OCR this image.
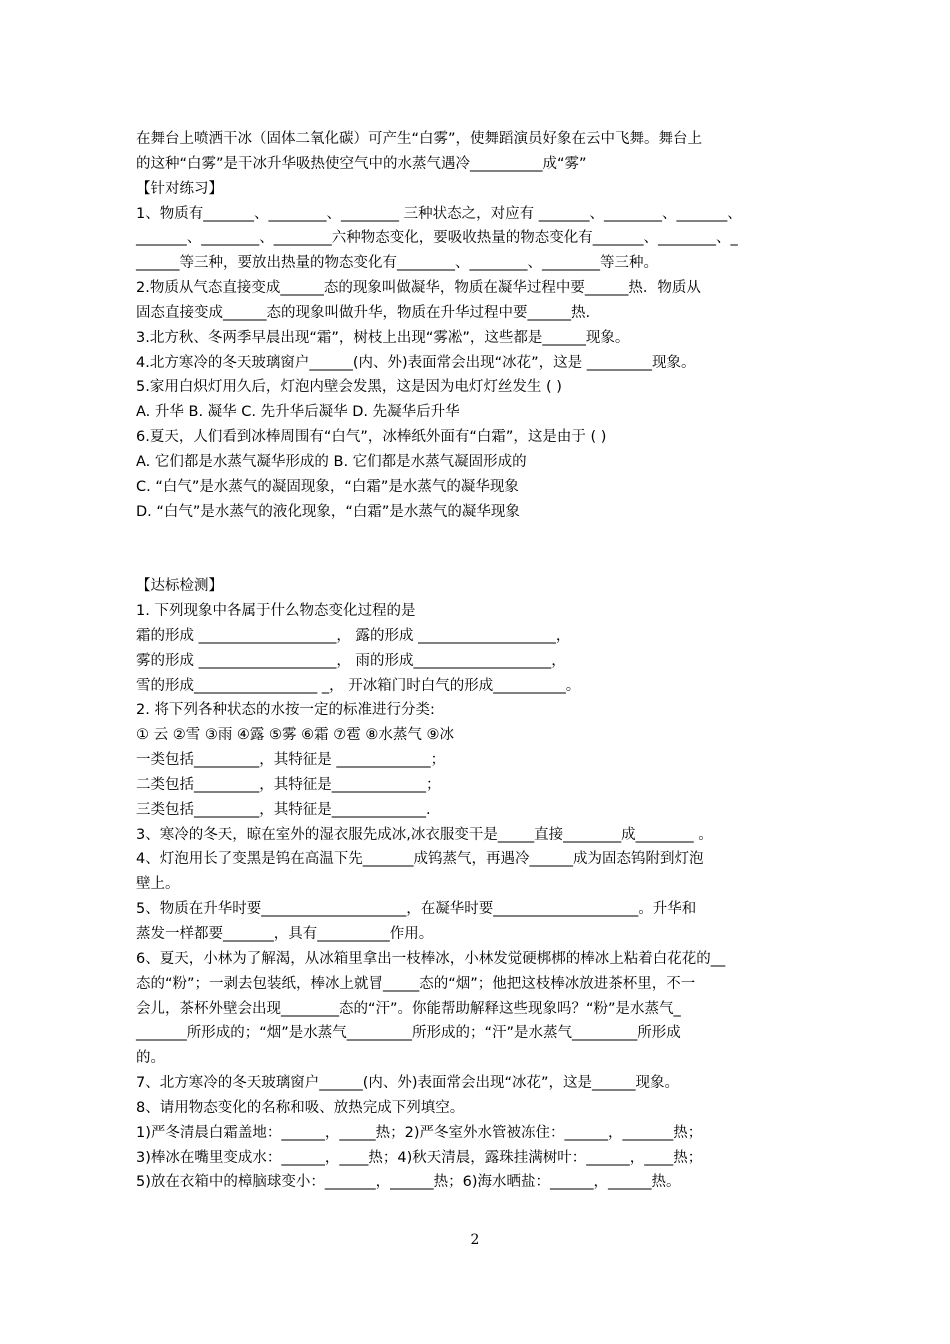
在舞台上喷洒干冰（固体二氧化碳）可产生“白雾”，使舞蹈演员好象在云中飞舞。舞台上
的这种“白雾”是干冰升华吸热使空气中的水蒸气遇冷__________成“雾”
【针对练习】
1、物质有_______、________、________ 三种状态之，对应有 _______、________、_______、
_______、________、________六种物态变化，要吸收热量的物态变化有_______、________、_
______等三种，要放出热量的物态变化有________、________、________等三种。
2.物质从气态直接变成______态的现象叫做凝华，物质在凝华过程中要______热．物质从
固态直接变成______态的现象叫做升华，物质在升华过程中要______热.
3.北方秋、冬两季早晨出现“霜”，树枝上出现“雾凇”，这些都是______现象。
4.北方寒冷的冬天玻璃窗户______(内、外)表面常会出现“冰花”，这是 _________现象。
5.家用白炽灯用久后，灯泡内壁会发黑，这是因为电灯灯丝发生 ( )
A. 升华 B. 凝华 C. 先升华后凝华 D. 先凝华后升华
6.夏天，人们看到冰棒周围有“白气”，冰棒纸外面有“白霜”，这是由于 ( )
A. 它们都是水蒸气凝华形成的 B. 它们都是水蒸气凝固形成的
C. “白气”是水蒸气的凝固现象，“白霜”是水蒸气的凝华现象
D. “白气”是水蒸气的液化现象，“白霜”是水蒸气的凝华现象
【达标检测】
1. 下列现象中各属于什么物态变化过程的是
霜的形成 ___________________， 露的形成 ___________________，
雾的形成 ___________________， 雨的形成___________________，
雪的形成_________________ _， 开冰箱门时白气的形成__________。
2. 将下列各种状态的水按一定的标准进行分类:
① 云 ②雪 ③雨 ④露 ⑤雾 ⑥霜 ⑦雹 ⑧水蒸气 ⑨冰
一类包括_________，其特征是 _____________；
二类包括_________，其特征是_____________；
三类包括_________，其特征是_____________.
3、寒冷的冬天，晾在室外的湿衣服先成冰,冰衣服变干是_____直接________成________ 。
4、灯泡用长了变黑是钨在高温下先_______成钨蒸气，再遇冷______成为固态钨附到灯泡
壁上。
5、物质在升华时要____________________，在凝华时要____________________。升华和
蒸发一样都要_______，具有__________作用。
6、夏天，小林为了解渴，从冰箱里拿出一枝棒冰，小林发觉硬梆梆的棒冰上粘着白花花的__
态的“粉”；一剥去包装纸，棒冰上就冒_____态的“烟”；他把这枝棒冰放进茶杯里，不一
会儿，茶杯外壁会出现________态的“汗”。你能帮助解释这些现象吗？“粉”是水蒸气_
_______所形成的；“烟”是水蒸气_________所形成的；“汗”是水蒸气_________所形成
的。
7、北方寒冷的冬天玻璃窗户______(内、外)表面常会出现“冰花”，这是______现象。
8、请用物态变化的名称和吸、放热完成下列填空。
1)严冬清晨白霜盖地：______，_____热；2)严冬室外水管被冻住：______，_______热；
3)棒冰在嘴里变成水：______，____热；4)秋天清晨，露珠挂满树叶：______，____热；
5)放在衣箱中的樟脑球变小：_______，______热；6)海水晒盐：______，______热。
2
